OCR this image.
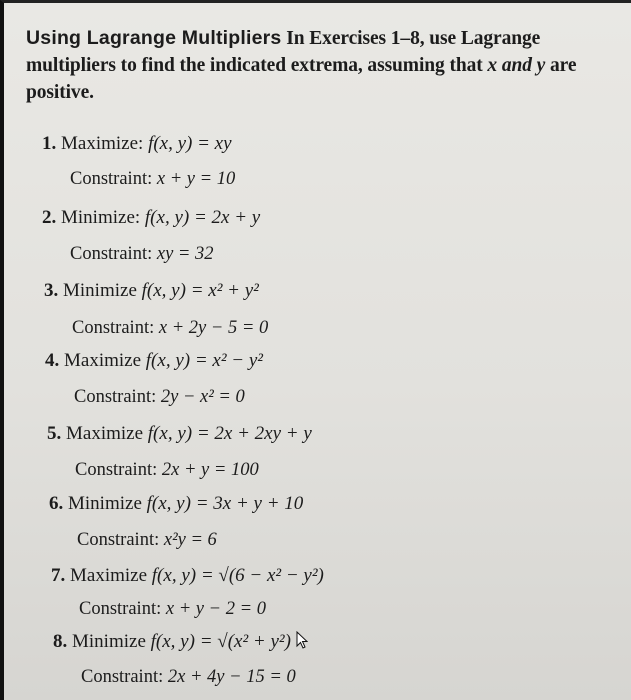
Using Lagrange Multipliers In Exercises 1–8, use Lagrange multipliers to find the indicated extrema, assuming that x and y are positive.
1. Maximize: f(x, y) = xy
Constraint: x + y = 10
2. Minimize: f(x, y) = 2x + y
Constraint: xy = 32
3. Minimize f(x, y) = x² + y²
Constraint: x + 2y − 5 = 0
4. Maximize f(x, y) = x² − y²
Constraint: 2y − x² = 0
5. Maximize f(x, y) = 2x + 2xy + y
Constraint: 2x + y = 100
6. Minimize f(x, y) = 3x + y + 10
Constraint: x²y = 6
7. Maximize f(x, y) = √(6 − x² − y²)
Constraint: x + y − 2 = 0
8. Minimize f(x, y) = √(x² + y²)
Constraint: 2x + 4y − 15 = 0
